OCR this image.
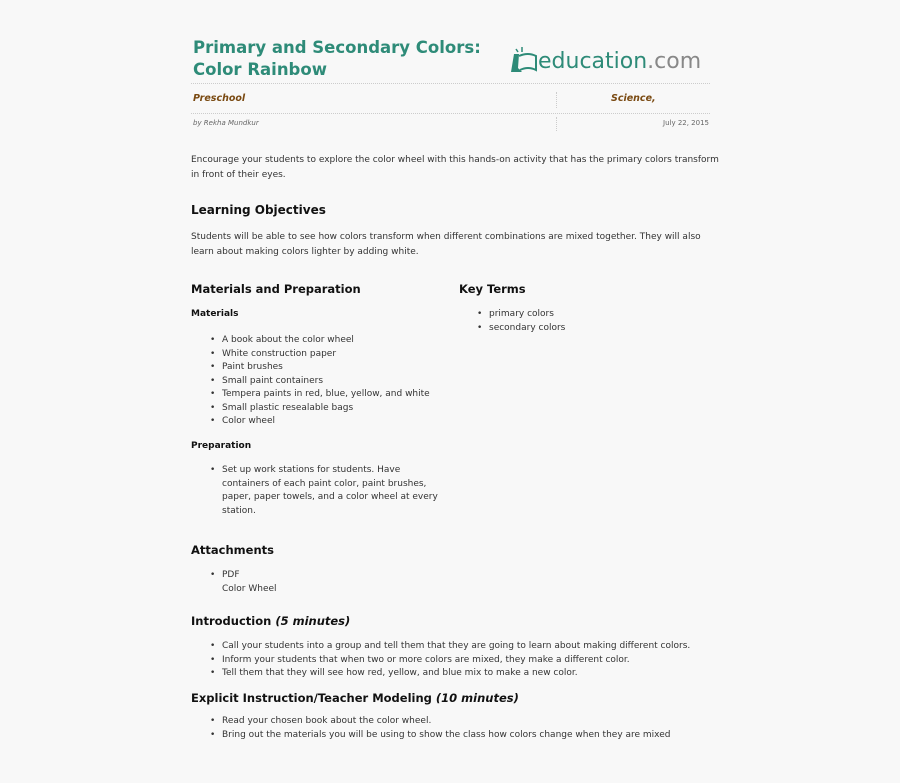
Primary and Secondary Colors:
Color Rainbow	education .com
Preschool	Science,
by Rekha Mundkur	July 22, 2015
Encourage your students to explore the color wheel with this hands-on activity that has the primary colors transform in front of their eyes.
Learning Objectives
Students will be able to see how colors transform when different combinations are mixed together. They will also learn about making colors lighter by adding white.
Materials and Preparation
Materials
• A book about the color wheel
• White construction paper
• Paint brushes
• Small paint containers
• Tempera paints in red, blue, yellow, and white
• Small plastic resealable bags
• Color wheel
Preparation
• Set up work stations for students. Have containers of each paint color, paint brushes, paper, paper towels, and a color wheel at every station.
Key Terms
• primary colors
• secondary colors
Attachments
• PDF
Color Wheel
Introduction (5 minutes)
• Call your students into a group and tell them that they are going to learn about making different colors.
• Inform your students that when two or more colors are mixed, they make a different color.
• Tell them that they will see how red, yellow, and blue mix to make a new color.
Explicit Instruction/Teacher Modeling (10 minutes)
• Read your chosen book about the color wheel.
• Bring out the materials you will be using to show the class how colors change when they are mixed
